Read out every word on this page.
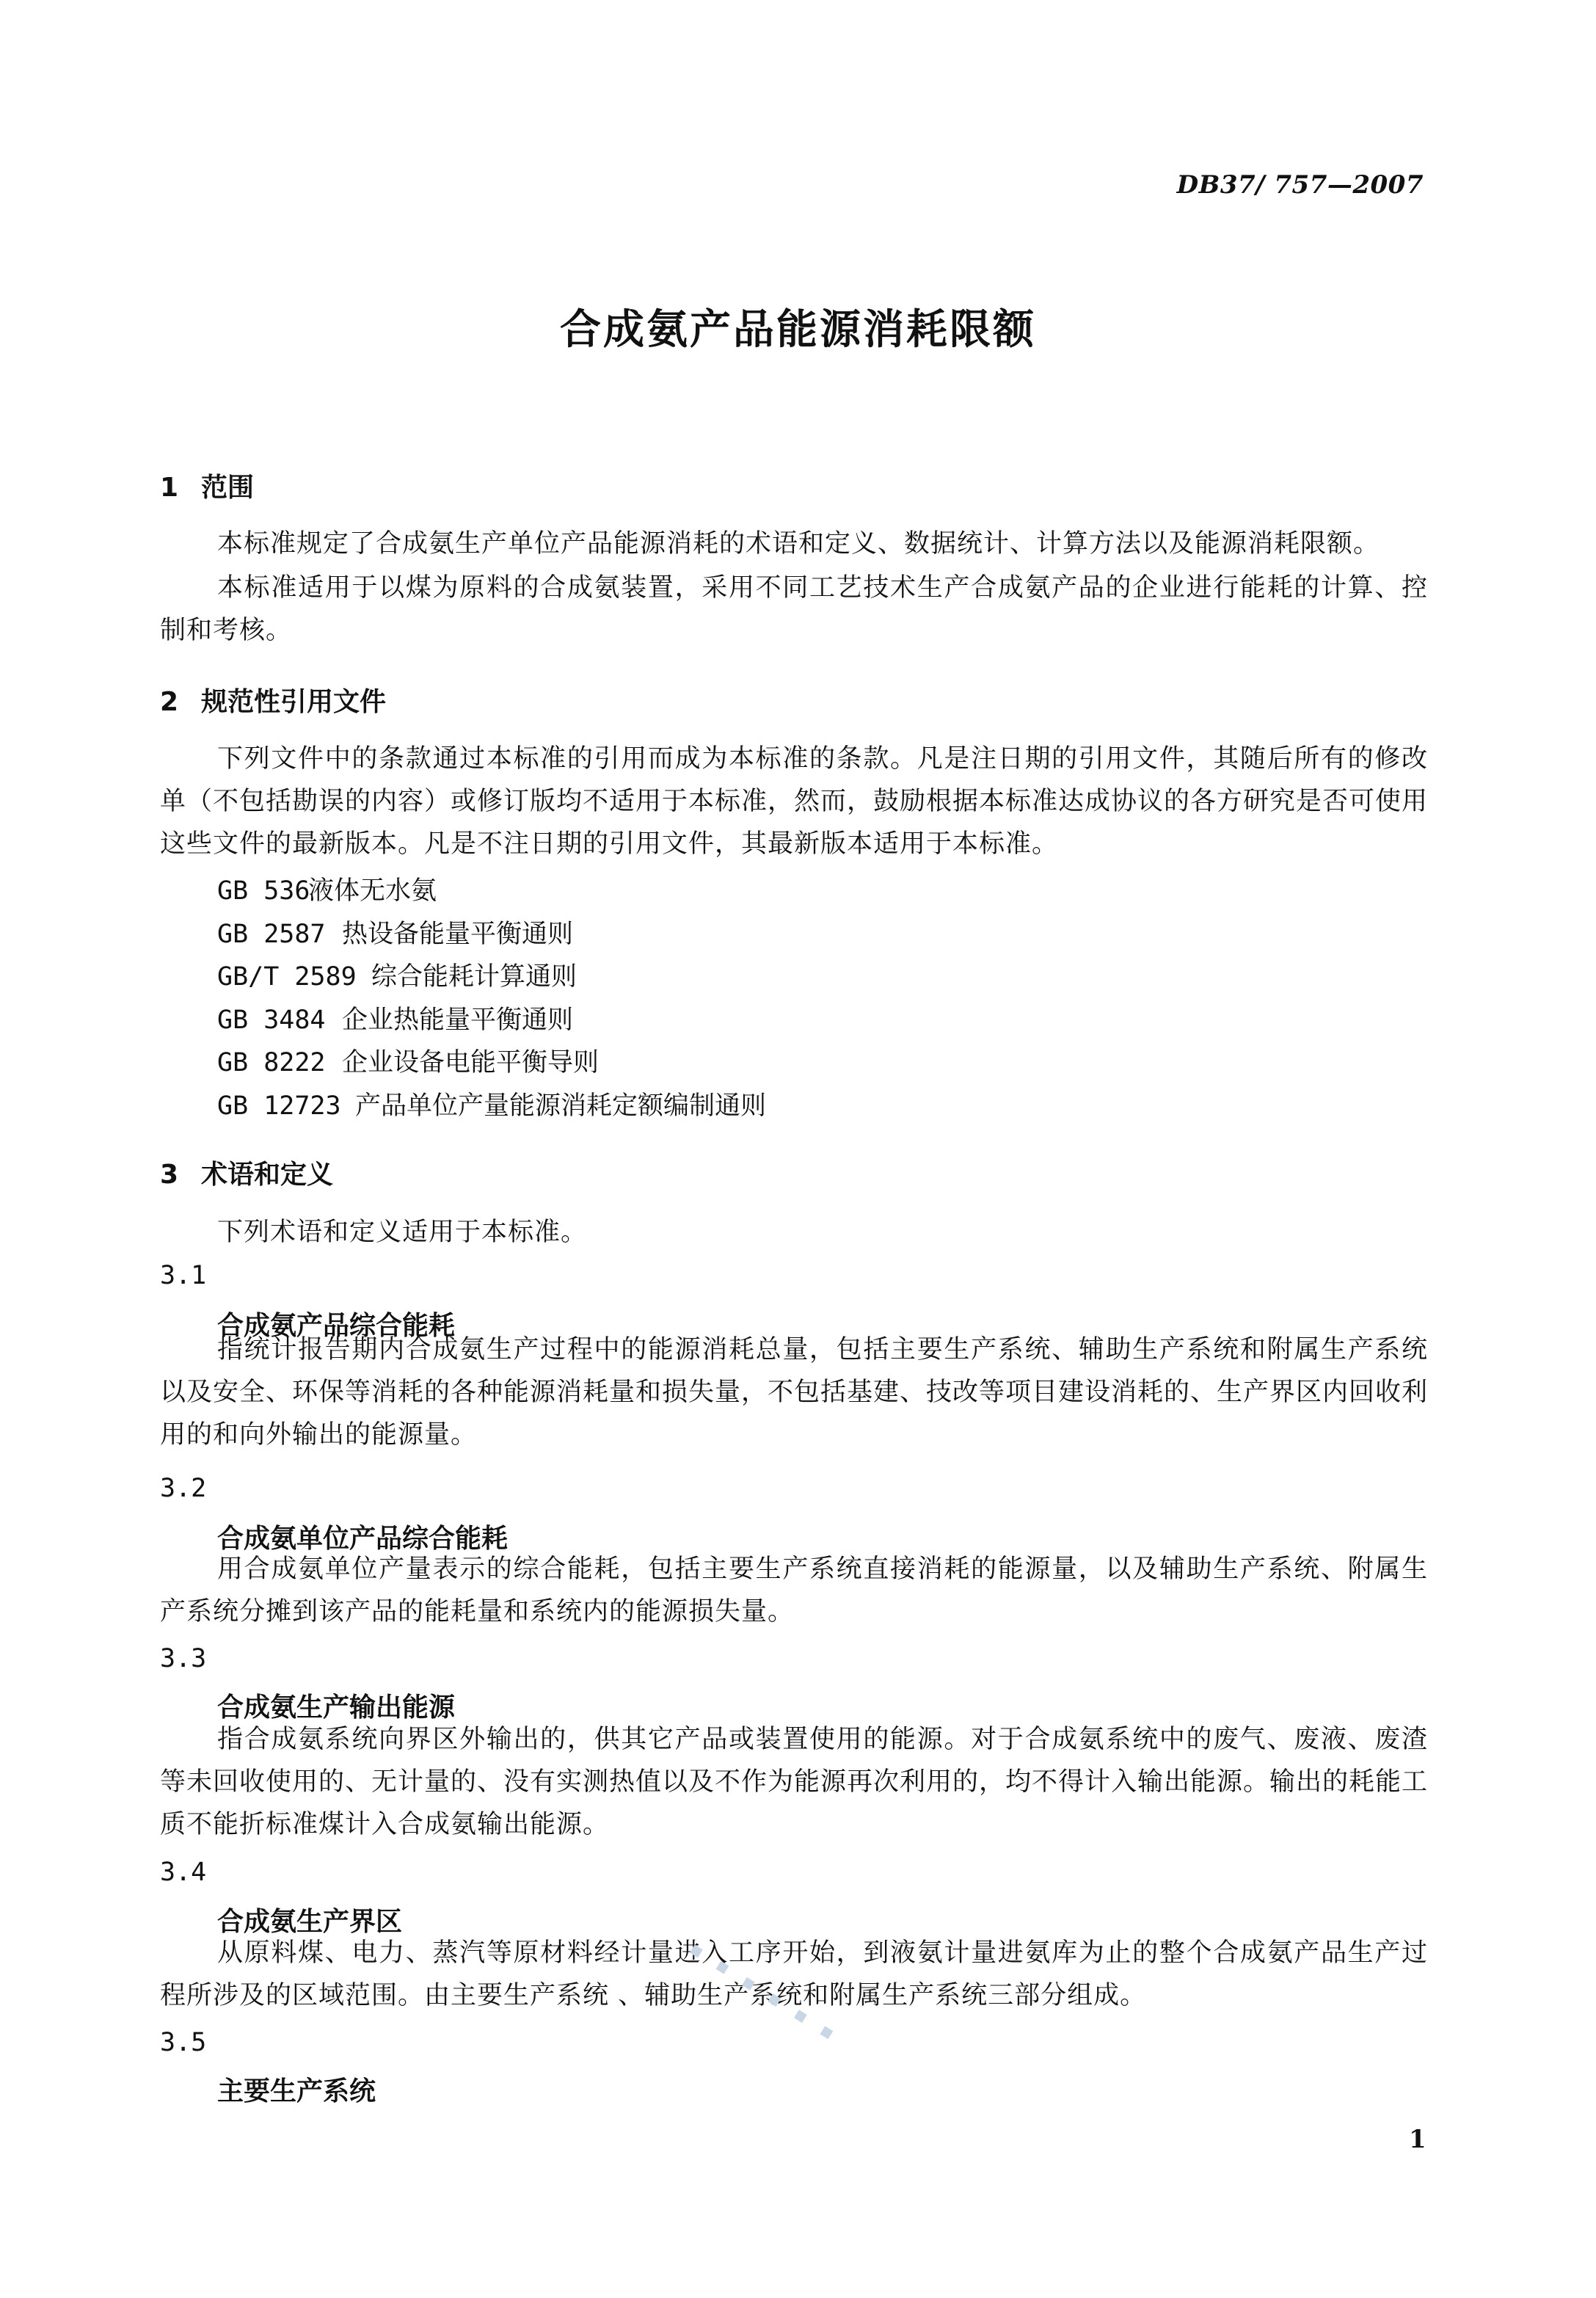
DB37/ 757—2007
合成氨产品能源消耗限额
1 范围
本标准规定了合成氨生产单位产品能源消耗的术语和定义、数据统计、计算方法以及能源消耗限额。
本标准适用于以煤为原料的合成氨装置，采用不同工艺技术生产合成氨产品的企业进行能耗的计算、控制和考核。
2 规范性引用文件
下列文件中的条款通过本标准的引用而成为本标准的条款。凡是注日期的引用文件，其随后所有的修改单（不包括勘误的内容）或修订版均不适用于本标准，然而，鼓励根据本标准达成协议的各方研究是否可使用这些文件的最新版本。凡是不注日期的引用文件，其最新版本适用于本标准。
GB 536液体无水氨
GB 2587 热设备能量平衡通则
GB/T 2589 综合能耗计算通则
GB 3484 企业热能量平衡通则
GB 8222 企业设备电能平衡导则
GB 12723 产品单位产量能源消耗定额编制通则
3 术语和定义
下列术语和定义适用于本标准。
3.1
合成氨产品综合能耗
指统计报告期内合成氨生产过程中的能源消耗总量，包括主要生产系统、辅助生产系统和附属生产系统以及安全、环保等消耗的各种能源消耗量和损失量，不包括基建、技改等项目建设消耗的、生产界区内回收利用的和向外输出的能源量。
3.2
合成氨单位产品综合能耗
用合成氨单位产量表示的综合能耗，包括主要生产系统直接消耗的能源量，以及辅助生产系统、附属生产系统分摊到该产品的能耗量和系统内的能源损失量。
3.3
合成氨生产输出能源
指合成氨系统向界区外输出的，供其它产品或装置使用的能源。对于合成氨系统中的废气、废液、废渣等未回收使用的、无计量的、没有实测热值以及不作为能源再次利用的，均不得计入输出能源。输出的耗能工质不能折标准煤计入合成氨输出能源。
3.4
合成氨生产界区
从原料煤、电力、蒸汽等原材料经计量进入工序开始，到液氨计量进氨库为止的整个合成氨产品生产过程所涉及的区域范围。由主要生产系统 、辅助生产系统和附属生产系统三部分组成。
3.5
主要生产系统
1
▪ ▪ ▪ ▪ ▪ ▪
